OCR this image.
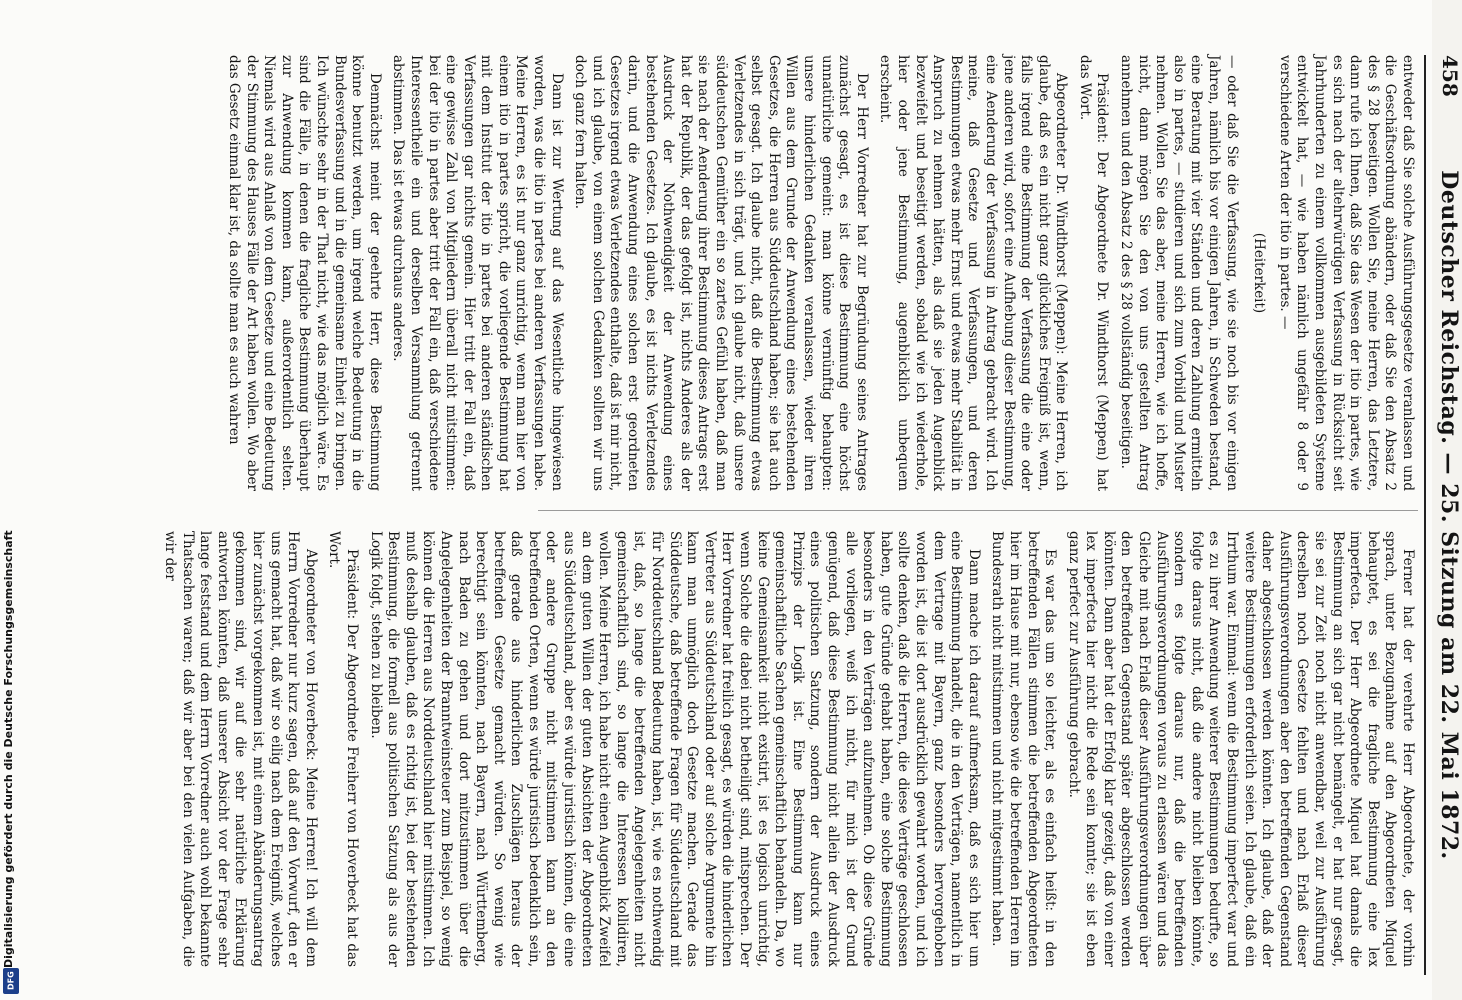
458
Deutscher Reichstag. — 25. Sitzung am 22. Mai 1872.

entweder daß Sie solche Ausführungsgesetze veranlassen und die Geschäftsordnung abändern, oder daß Sie den Absatz 2 des § 28 beseitigen. Wollen Sie, meine Herren, das Letztere, dann rufe ich Ihnen, daß Sie das Wesen der itio in partes, wie es sich nach der altehrwürdigen Verfassung in Rücksicht seit Jahrhunderten zu einem vollkommen ausgebildeten Systeme entwickelt hat, — wie haben nämlich ungefähr 8 oder 9 verschiedene Arten der itio in partes. —

(Heiterkeit)

— oder daß Sie die Verfassung, wie sie noch bis vor einigen Jahren, nämlich bis vor einigen Jahren, in Schweden bestand, eine Beratung mit vier Ständen und deren Zahlung ermitteln also in partes, — studieren und sich zum Vorbild und Muster nehmen. Wollen Sie das aber, meine Herren, wie ich hoffe, nicht, dann mögen Sie den von uns gestellten Antrag annehmen und den Absatz 2 des § 28 vollständig beseitigen.

Präsident: Der Abgeordnete Dr. Windthorst (Meppen) hat das Wort.

Abgeordneter Dr. Windthorst (Meppen): Meine Herren, ich glaube, daß es ein nicht ganz glückliches Ereigniß ist, wenn, falls irgend eine Bestimmung der Verfassung die eine oder jene anderen wird, sofort eine Aufhebung dieser Bestimmung, eine Aenderung der Verfassung in Antrag gebracht wird. Ich meine, daß Gesetze und Verfassungen, und deren Bestimmungen etwas mehr Ernst und etwas mehr Stabilität in Anspruch zu nehmen hätten, als daß sie jeden Augenblick bezweifelt und beseitigt werden, sobald wie ich wiederhole, hier oder jene Bestimmung, augenblicklich unbequem erscheint.

Der Herr Vorredner hat zur Begründung seines Antrages zunächst gesagt, es ist diese Bestimmung eine höchst unnatürliche gemeint: man könne vernünftig behaupten: unsere hinderlichen Gedanken veranlassen, wieder ihren Willen aus dem Grunde der Anwendung eines bestehenden Gesetzes, die Herren aus Süddeutschland haben; sie hat auch selbst gesagt. Ich glaube nicht, daß die Bestimmung etwas Verletzendes in sich trägt, und ich glaube nicht, daß unsere süddeutschen Gemüther ein so zartes Gefühl haben, daß man sie nach der Aenderung ihrer Bestimmung dieses Antrags erst hat der Republik, der das gefolgt ist, nichts Anderes als der Ausdruck der Nothwendigkeit der Anwendung eines bestehenden Gesetzes. Ich glaube, es ist nichts Verletzendes darin, und die Anwendung eines solchen erst geordneten Gesetzes irgend etwas Verletzendes enthalte, daß ist mir nicht, und ich glaube, von einem solchen Gedanken sollten wir uns doch ganz fern halten.

Dann ist zur Wertung auf das Wesentliche hingewiesen worden, was die itio in partes bei anderen Verfassungen habe. Meine Herren, es ist nur ganz unrichtig, wenn man hier von einem itio in partes spricht, die vorliegende Bestimmung hat mit dem Institut der itio in partes bei anderen ständischen Verfassungen gar nichts gemein. Hier tritt der Fall ein, daß eine gewisse Zahl von Mitgliedern überall nicht mitstimmen: bei der itio in partes aber tritt der Fall ein, daß verschiedene Interessentheile ein und derselben Versammlung getrennt abstimmen. Das ist etwas durchaus anderes.

Demnächst meint der geehrte Herr, diese Bestimmung könne benutzt werden, um irgend welche Bedeutung in die Bundesverfassung und in die gemeinsame Einheit zu bringen. Ich wünschte sehr in der That nicht, wie das möglich wäre. Es sind die Fälle, in denen die fragliche Bestimmung überhaupt zur Anwendung kommen kann, außerordentlich selten. Niemals wird aus Anlaß von dem Gesetze und eine Bedeutung der Stimmung des Hauses Fälle der Art haben wollen. Wo aber das Gesetz einmal klar ist, da sollte man es auch wahren

Ferner hat der verehrte Herr Abgeordnete, der vorhin sprach, unter Bezugnahme auf den Abgeordneten Miquel behauptet, es sei die fragliche Bestimmung eine lex imperfecta. Der Herr Abgeordnete Miquel hat damals die Bestimmung an sich gar nicht bemängelt, er hat nur gesagt, sie sei zur Zeit noch nicht anwendbar, weil zur Ausführung derselben noch Gesetze fehlten und nach Erlaß dieser Ausführungsverordnungen aber den betreffenden Gegenstand daher abgeschlossen werden könnten. Ich glaube, daß der weitere Bestimmungen erforderlich seien. Ich glaube, daß ein Irrthum war. Einmal: wenn die Bestimmung imperfect war und es zu ihrer Anwendung weiterer Bestimmungen bedurfte, so folgte daraus nicht, daß die andere nicht bleiben könnte, sondern es folgte daraus nur, daß die betreffenden Ausführungsverordnungen voraus zu erlassen wären und das Gleiche mit nach Erlaß dieser Ausführungsverordnungen über den betreffenden Gegenstand später abgeschlossen werden könnten. Dann aber hat der Erfolg klar gezeigt, daß von einer lex imperfecta hier nicht die Rede sein konnte; sie ist eben ganz perfect zur Ausführung gebracht.

Es war das um so leichter, als es einfach heißt: in den betreffenden Fällen stimmen die betreffenden Abgeordneten hier im Hause mit nur, ebenso wie die betreffenden Herren im Bundesrath nicht mitstimmen und nicht mitgestimmt haben.

Dann mache ich darauf aufmerksam, daß es sich hier um eine Bestimmung handelt, die in den Verträgen, namentlich in dem Vertrage mit Bayern, ganz besonders hervorgehoben worden ist, die ist dort ausdrücklich gewahrt worden, und ich sollte denken, daß die Herren, die diese Verträge geschlossen haben, gute Gründe gehabt haben, eine solche Bestimmung besonders in den Verträgen aufzunehmen. Ob diese Gründe alle vorliegen, weiß ich nicht, für mich ist der Grund genügend, daß diese Bestimmung nicht allein der Ausdruck eines politischen Satzung, sondern der Ausdruck eines Prinzips der Logik ist. Eine Bestimmung kann nur gemeinschaftliche Sachen gemeinschaftlich behandeln. Da, wo keine Gemeinsamkeit nicht existirt, ist es logisch unrichtig, wenn Solche die dabei nicht betheiligt sind, mitsprechen. Der Herr Vorredner hat freilich gesagt, es würden die hinderlichen Vertreter aus Süddeutschland oder auf solche Argumente hin kann man unmöglich doch Gesetze machen. Gerade das Süddeutsche, daß betreffende Fragen für Süddeutschland mit für Norddeutschland Bedeutung haben, ist, wie es nothwendig ist, daß, so lange die betreffenden Angelegenheiten nicht gemeinschaftlich sind, so lange die Interessen kollidiren, wollen. Meine Herren, ich habe nicht einen Augenblick Zweifel an dem guten Willen der guten Absichten der Abgeordneten aus Süddeutschland, aber es würde juristisch können, die eine oder andere Gruppe nicht mitstimmen kann an den betreffenden Orten, wenn es würde juristisch bedenklich sein, daß gerade aus hinderlichen Zuschlägen heraus der betreffenden Gesetze gemacht würden. So wenig wie berechtigt sein könnten, nach Bayern, nach Württemberg, nach Baden zu gehen und dort mitzustimmen über die Angelegenheiten der Branntweinsteuer zum Beispiel, so wenig können die Herren aus Norddeutschland hier mitstimmen. Ich muß deshalb glauben, daß es richtig ist, bei der bestehenden Bestimmung, die formell aus politischen Satzung als aus der Logik folgt, stehen zu bleiben.

Präsident: Der Abgeordnete Freiherr von Hoverbeck hat das Wort.

Abgeordneter von Hoverbeck: Meine Herren! Ich will dem Herrn Vorredner nur kurz sagen, daß auf den Vorwurf, den er uns gemacht hat, daß wir so eilig nach dem Ereigniß, welches hier zunächst vorgekommen ist, mit einem Abänderungsantrag gekommen sind, wir auf die sehr natürliche Erklärung antworten könnten, daß unserer Absicht vor der Frage sehr lange feststand und dem Herrn Vorredner auch wohl bekannte Thatsachen waren; daß wir aber bei den vielen Aufgaben, die wir der

Digitalisierung gefördert durch die Deutsche Forschungsgemeinschaft
DFG
